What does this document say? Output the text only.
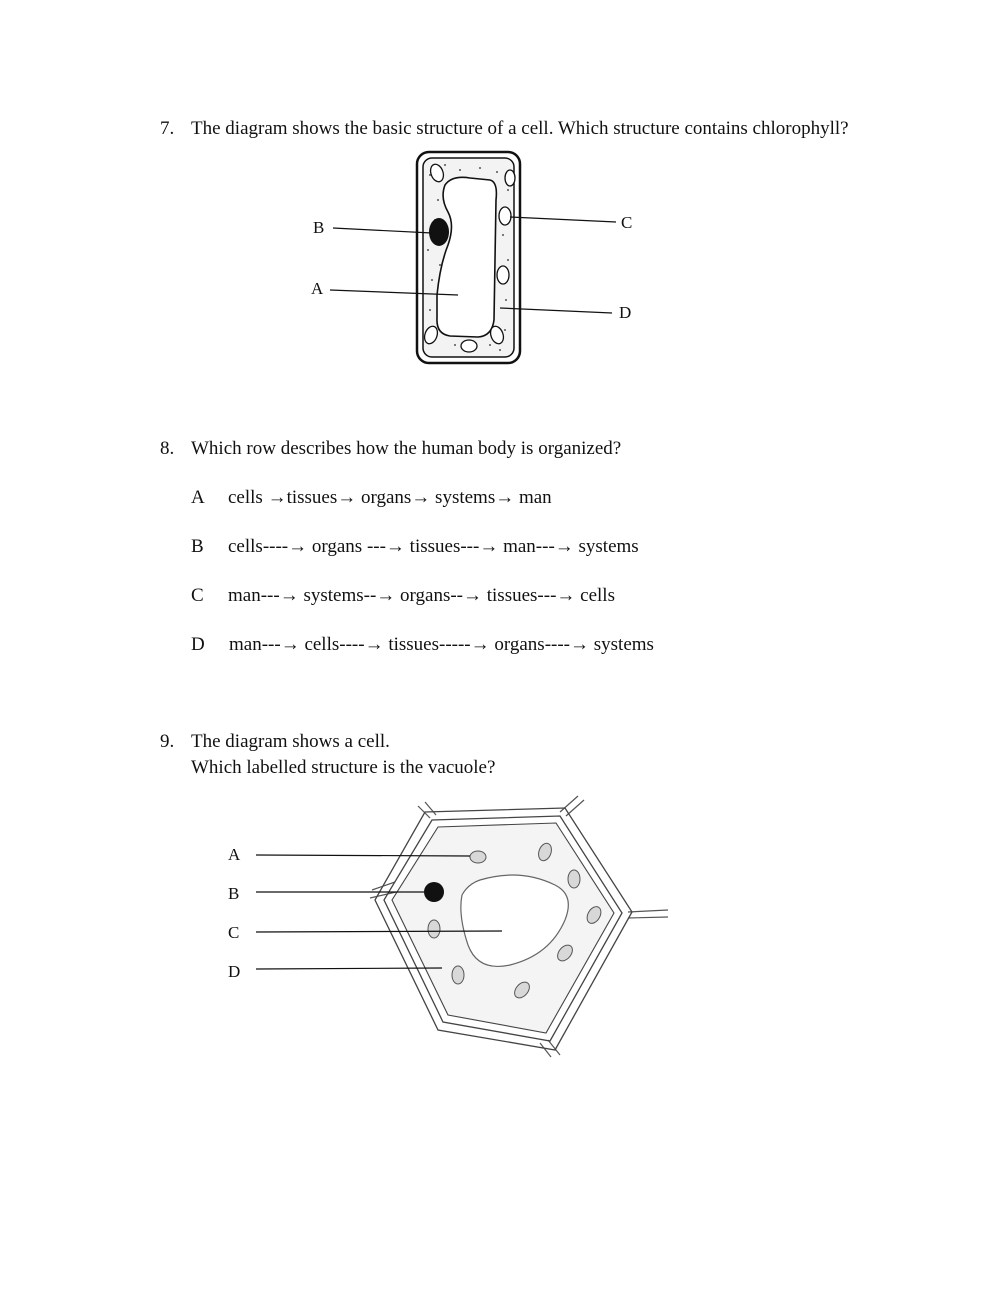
7. The diagram shows the basic structure of a cell. Which structure contains chlorophyll?
B
A
C
D
8. Which row describes how the human body is organized?
A cells →tissues→ organs→ systems→ man
B cells----→ organs ---→ tissues---→ man---→ systems
C man---→ systems--→ organs--→ tissues---→ cells
D man---→ cells----→ tissues-----→ organs----→ systems
9. The diagram shows a cell.
Which labelled structure is the vacuole?
A
B
C
D
